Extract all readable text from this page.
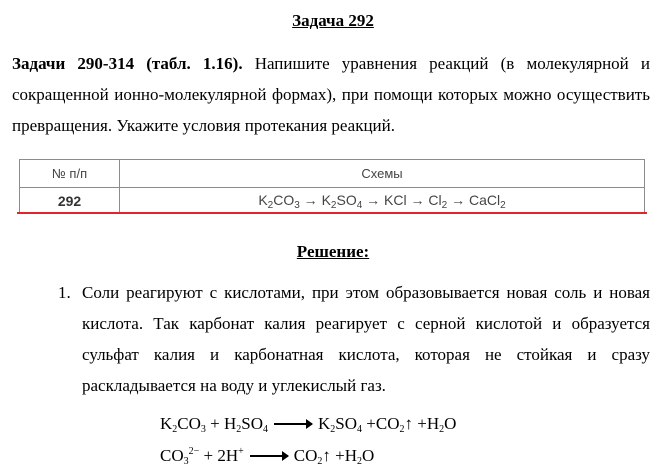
Задача 292
Задачи 290-314 (табл. 1.16). Напишите уравнения реакций (в молекулярной и сокращенной ионно-молекулярной формах), при помощи которых можно осуществить превращения. Укажите условия протекания реакций.
№ п/п	Схемы
292	$K_2CO_3 \to K_2SO_4$ → KCl → $Cl_2$ → CaCl$_2$
Решение:
1. Соли реагируют с кислотами, при этом образовывается новая соль и новая кислота. Так карбонат калия реагирует с серной кислотой и образуется сульфат калия и карбонатная кислота, которая не стойкая и сразу раскладывается на воду и углекислый газ.
$K_2CO_3 + H_2SO_4 \to K_2SO_4$ $+CO_2↑ +H_2O$
$CO_3^{2-} + 2H^+$ → $CO_2↑ +H_2O$
